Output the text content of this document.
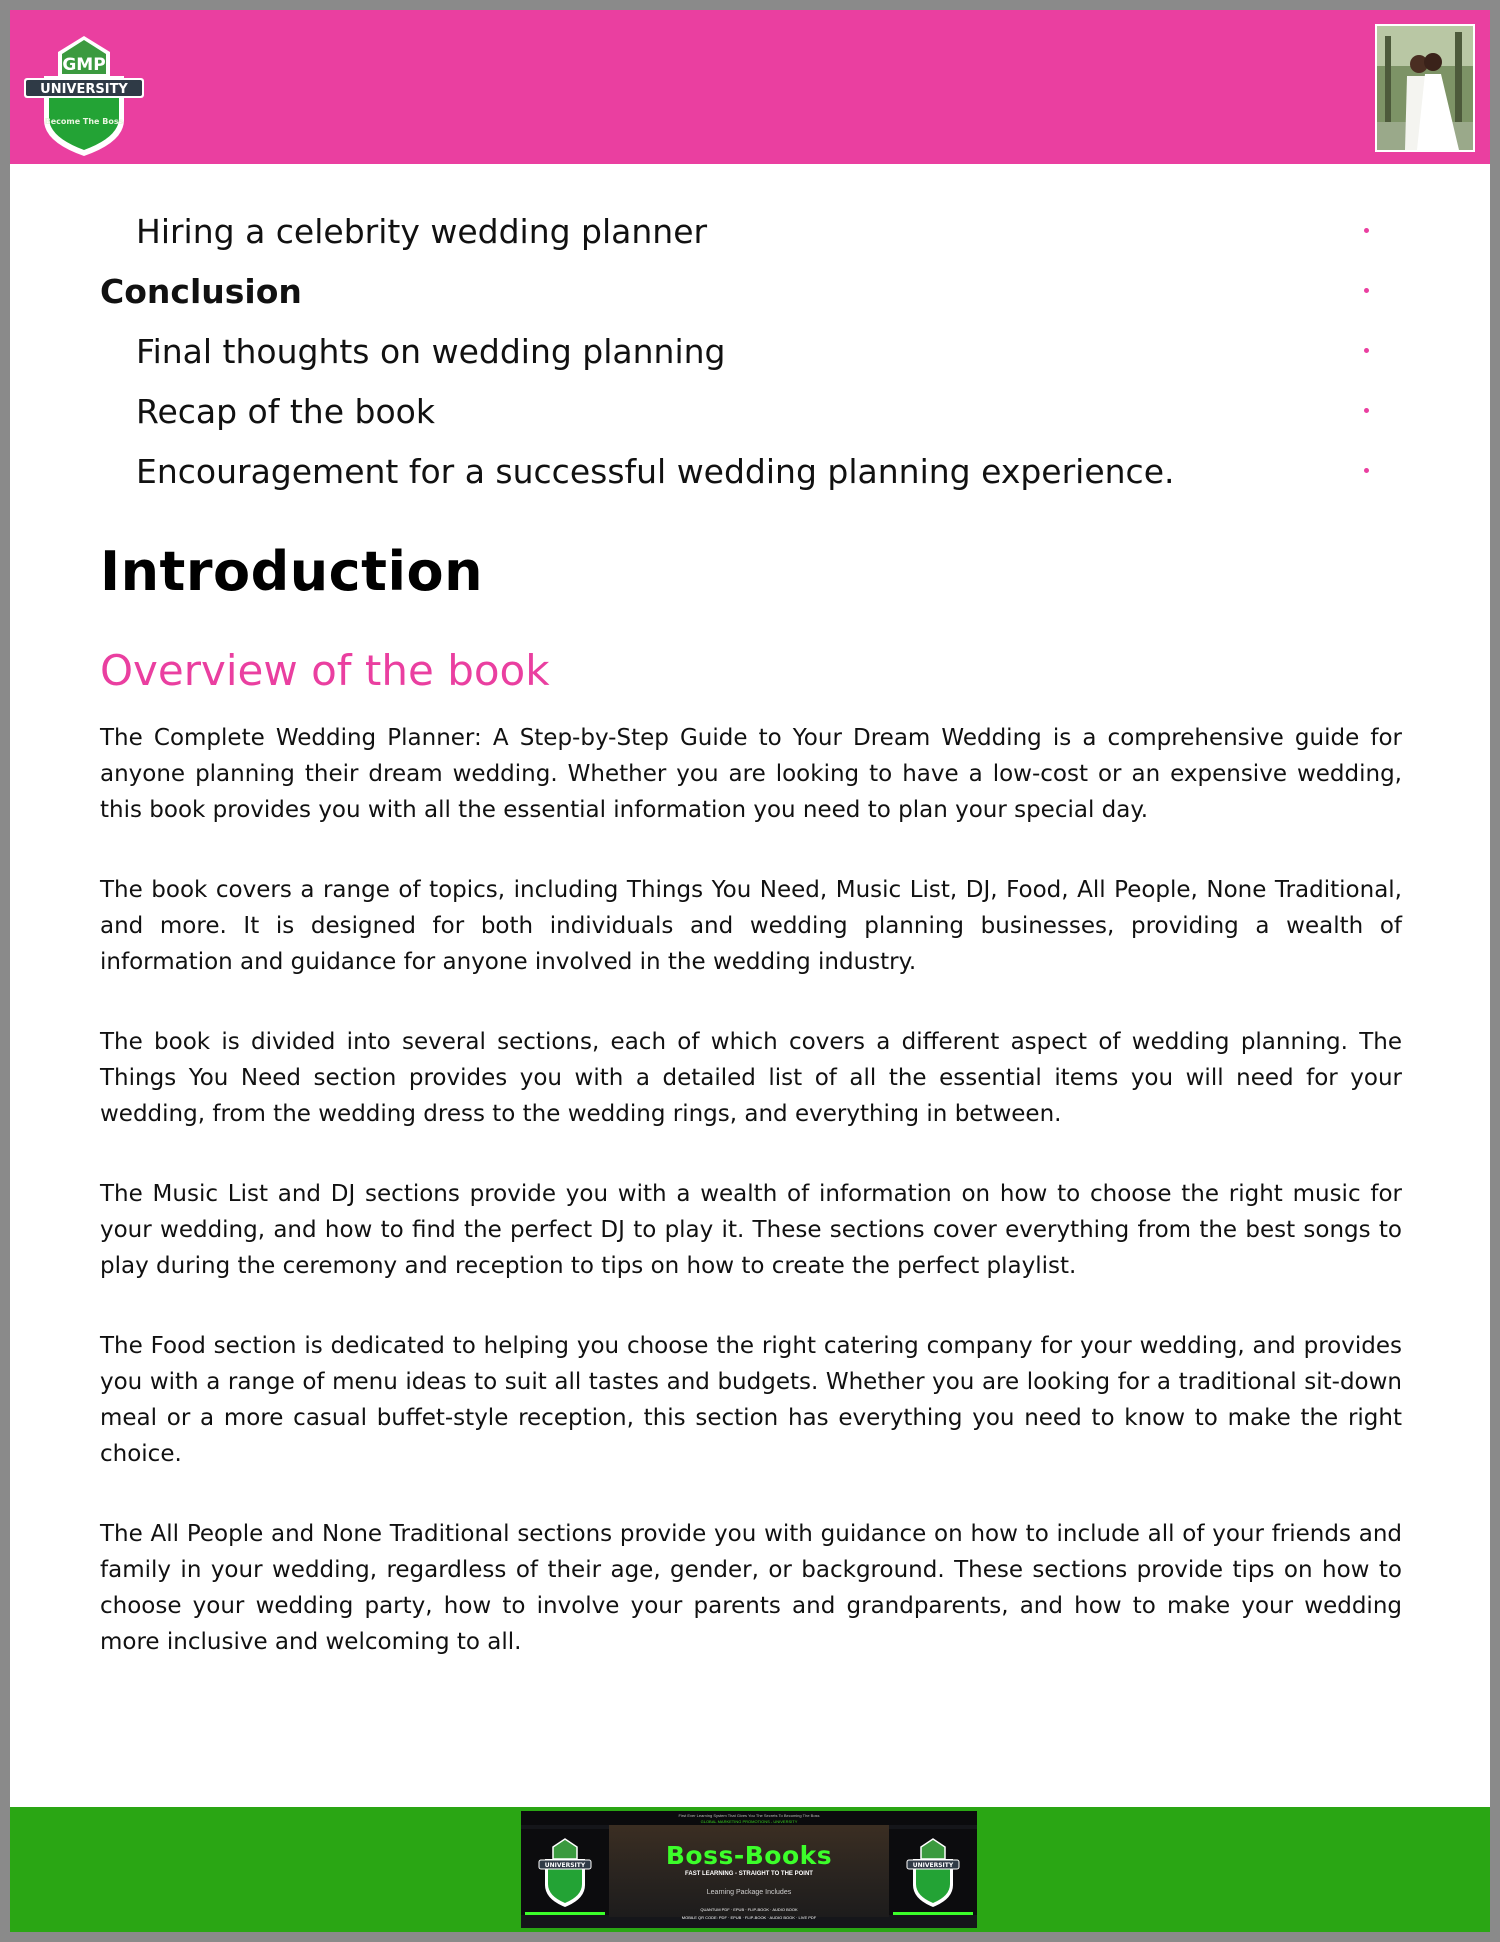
GMP
UNIVERSITY
Become The Boss
Hiring a celebrity wedding planner
Conclusion
Final thoughts on wedding planning
Recap of the book
Encouragement for a successful wedding planning experience.
Introduction
Overview of the book

The Complete Wedding Planner: A Step-by-Step Guide to Your Dream Wedding is a comprehensive guide for anyone planning their dream wedding. Whether you are looking to have a low-cost or an expensive wedding, this book provides you with all the essential information you need to plan your special day.

The book covers a range of topics, including Things You Need, Music List, DJ, Food, All People, None Traditional, and more. It is designed for both individuals and wedding planning businesses, providing a wealth of information and guidance for anyone involved in the wedding industry.

The book is divided into several sections, each of which covers a different aspect of wedding planning. The Things You Need section provides you with a detailed list of all the essential items you will need for your wedding, from the wedding dress to the wedding rings, and everything in between.

The Music List and DJ sections provide you with a wealth of information on how to choose the right music for your wedding, and how to find the perfect DJ to play it. These sections cover everything from the best songs to play during the ceremony and reception to tips on how to create the perfect playlist.

The Food section is dedicated to helping you choose the right catering company for your wedding, and provides you with a range of menu ideas to suit all tastes and budgets. Whether you are looking for a traditional sit-down meal or a more casual buffet-style reception, this section has everything you need to know to make the right choice.

The All People and None Traditional sections provide you with guidance on how to include all of your friends and family in your wedding, regardless of their age, gender, or background. These sections provide tips on how to choose your wedding party, how to involve your parents and grandparents, and how to make your wedding more inclusive and welcoming to all.

First Ever Learning System That Gives You The Secrets To Becoming The Boss
GLOBAL MARKETING PROMOTIONS - UNIVERSITY
UNIVERSITY	Boss-Books
FAST LEARNING - STRAIGHT TO THE POINT
Learning Package Includes
UNIVERSITY
QUANTUM PDF · EPUB · FLIP-BOOK · AUDIO BOOK
MOBILE QR CODE: PDF · EPUB · FLIP-BOOK · AUDIO BOOK · LIVE PDF
